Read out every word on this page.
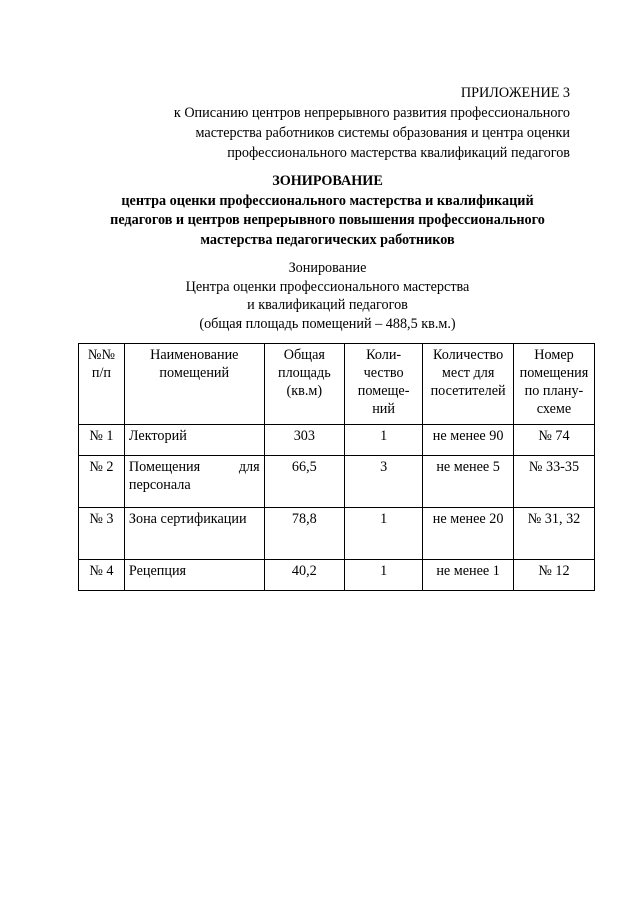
ПРИЛОЖЕНИЕ 3
к Описанию центров непрерывного развития профессионального
мастерства работников системы образования и центра оценки
профессионального мастерства квалификаций педагогов
ЗОНИРОВАНИЕ
центра оценки профессионального мастерства и квалификаций
педагогов и центров непрерывного повышения профессионального
мастерства педагогических работников
Зонирование
Центра оценки профессионального мастерства
и квалификаций педагогов
(общая площадь помещений – 488,5 кв.м.)
№№ п/п	Наименование помещений	Общая площадь (кв.м)	Коли-чество помеще-ний	Количество мест для посетителей	Номер помещения по плану-схеме
№ 1	Лекторий	303	1	не менее 90	№ 74
№ 2	Помещения для персонала	66,5	3	не менее 5	№ 33-35
№ 3	Зона сертификации	78,8	1	не менее 20	№ 31, 32
№ 4	Рецепция	40,2	1	не менее 1	№ 12
